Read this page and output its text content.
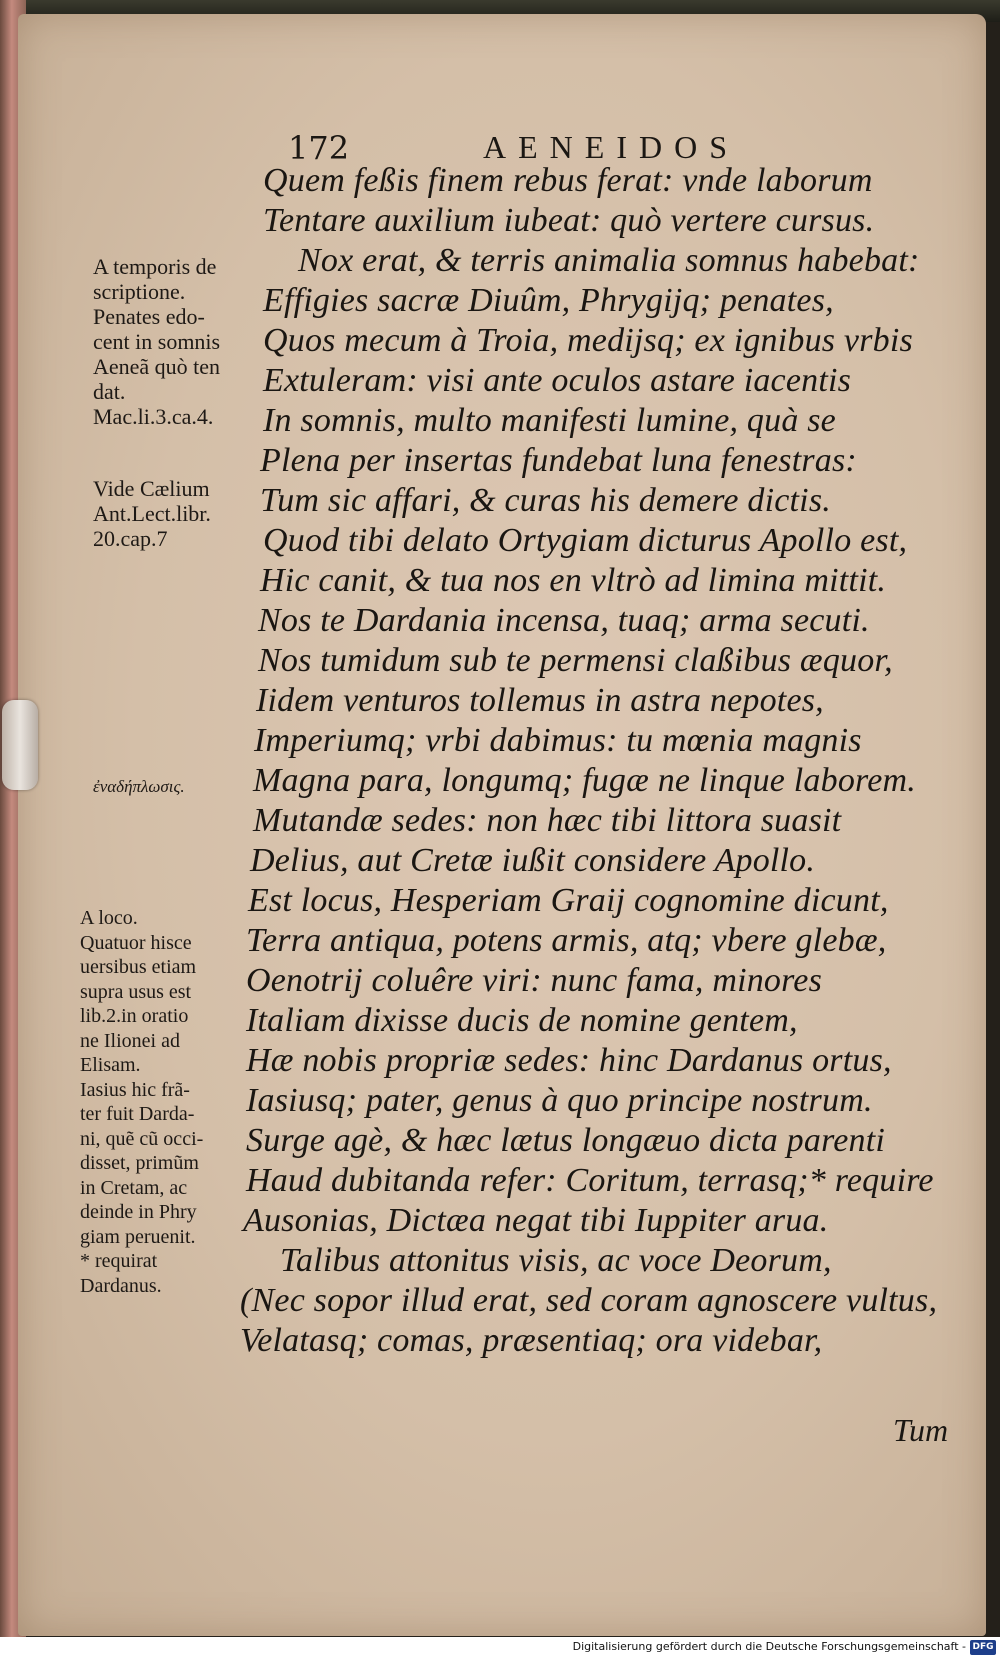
172	AENEIDOS
Quem feßis finem rebus ferat: vnde laborum
Tentare auxilium iubeat: quò vertere cursus.
Nox erat, & terris animalia somnus habebat:
Effigies sacræ Diuûm, Phrygijq; penates,
Quos mecum à Troia, medijsq; ex ignibus vrbis
Extuleram: visi ante oculos astare iacentis
In somnis, multo manifesti lumine, quà se
Plena per insertas fundebat luna fenestras:
Tum sic affari, & curas his demere dictis.
Quod tibi delato Ortygiam dicturus Apollo est,
Hic canit, & tua nos en vltrò ad limina mittit.
Nos te Dardania incensa, tuaq; arma secuti.
Nos tumidum sub te permensi claßibus æquor,
Iidem venturos tollemus in astra nepotes,
Imperiumq; vrbi dabimus: tu mœnia magnis
Magna para, longumq; fugæ ne linque laborem.
Mutandæ sedes: non hæc tibi littora suasit
Delius, aut Cretæ iußit considere Apollo.
Est locus, Hesperiam Graij cognomine dicunt,
Terra antiqua, potens armis, atq; vbere glebæ,
Oenotrij coluêre viri: nunc fama, minores
Italiam dixisse ducis de nomine gentem,
Hæ nobis propriæ sedes: hinc Dardanus ortus,
Iasiusq; pater, genus à quo principe nostrum.
Surge agè, & hæc lætus longæuo dicta parenti
Haud dubitanda refer: Coritum, terrasq;* require
Ausonias, Dictæa negat tibi Iuppiter arua.
Talibus attonitus visis, ac voce Deorum,
(Nec sopor illud erat, sed coram agnoscere vultus,
Velatasq; comas, præsentiaq; ora videbar,
A temporis de
scriptione.
Penates edo-
cent in somnis
Aeneã quò ten
dat.
Mac.li.3.ca.4.
Vide Cælium
Ant.Lect.libr.
20.cap.7
ἐναδήπλωσις.
A loco.
Quatuor hisce
uersibus etiam
supra usus est
lib.2.in oratio
ne Ilionei ad
Elisam.
Iasius hic frã-
ter fuit Darda-
ni, quẽ cũ occi-
disset, primũm
in Cretam, ac
deinde in Phry
giam peruenit.
* requirat
Dardanus.
Tum
Digitalisierung gefördert durch die Deutsche Forschungsgemeinschaft - DFG
